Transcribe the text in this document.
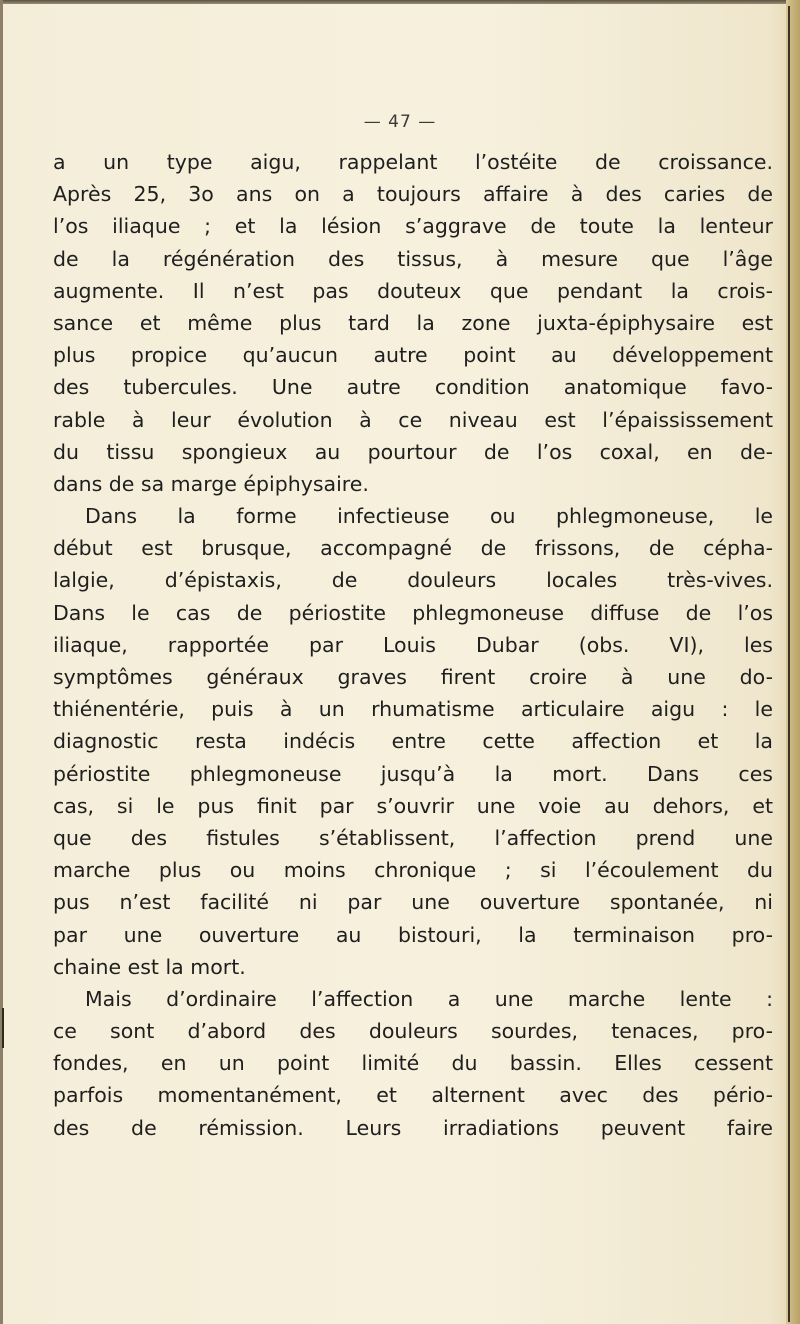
— 47 —
a un type aigu, rappelant l’ostéite de croissance.
Après 25, 3o ans on a toujours affaire à des caries de
l’os iliaque ; et la lésion s’aggrave de toute la lenteur
de la régénération des tissus, à mesure que l’âge
augmente. Il n’est pas douteux que pendant la crois-
sance et même plus tard la zone juxta-épiphysaire est
plus propice qu’aucun autre point au développement
des tubercules. Une autre condition anatomique favo-
rable à leur évolution à ce niveau est l’épaississement
du tissu spongieux au pourtour de l’os coxal, en de-
dans de sa marge épiphysaire.
Dans la forme infectieuse ou phlegmoneuse, le
début est brusque, accompagné de frissons, de cépha-
lalgie, d’épistaxis, de douleurs locales très-vives.
Dans le cas de périostite phlegmoneuse diffuse de l’os
iliaque, rapportée par Louis Dubar (obs. VI), les
symptômes généraux graves firent croire à une do-
thiénentérie, puis à un rhumatisme articulaire aigu : le
diagnostic resta indécis entre cette affection et la
périostite phlegmoneuse jusqu’à la mort. Dans ces
cas, si le pus finit par s’ouvrir une voie au dehors, et
que des fistules s’établissent, l’affection prend une
marche plus ou moins chronique ; si l’écoulement du
pus n’est facilité ni par une ouverture spontanée, ni
par une ouverture au bistouri, la terminaison pro-
chaine est la mort.
Mais d’ordinaire l’affection a une marche lente :
ce sont d’abord des douleurs sourdes, tenaces, pro-
fondes, en un point limité du bassin. Elles cessent
parfois momentanément, et alternent avec des pério-
des de rémission. Leurs irradiations peuvent faire
